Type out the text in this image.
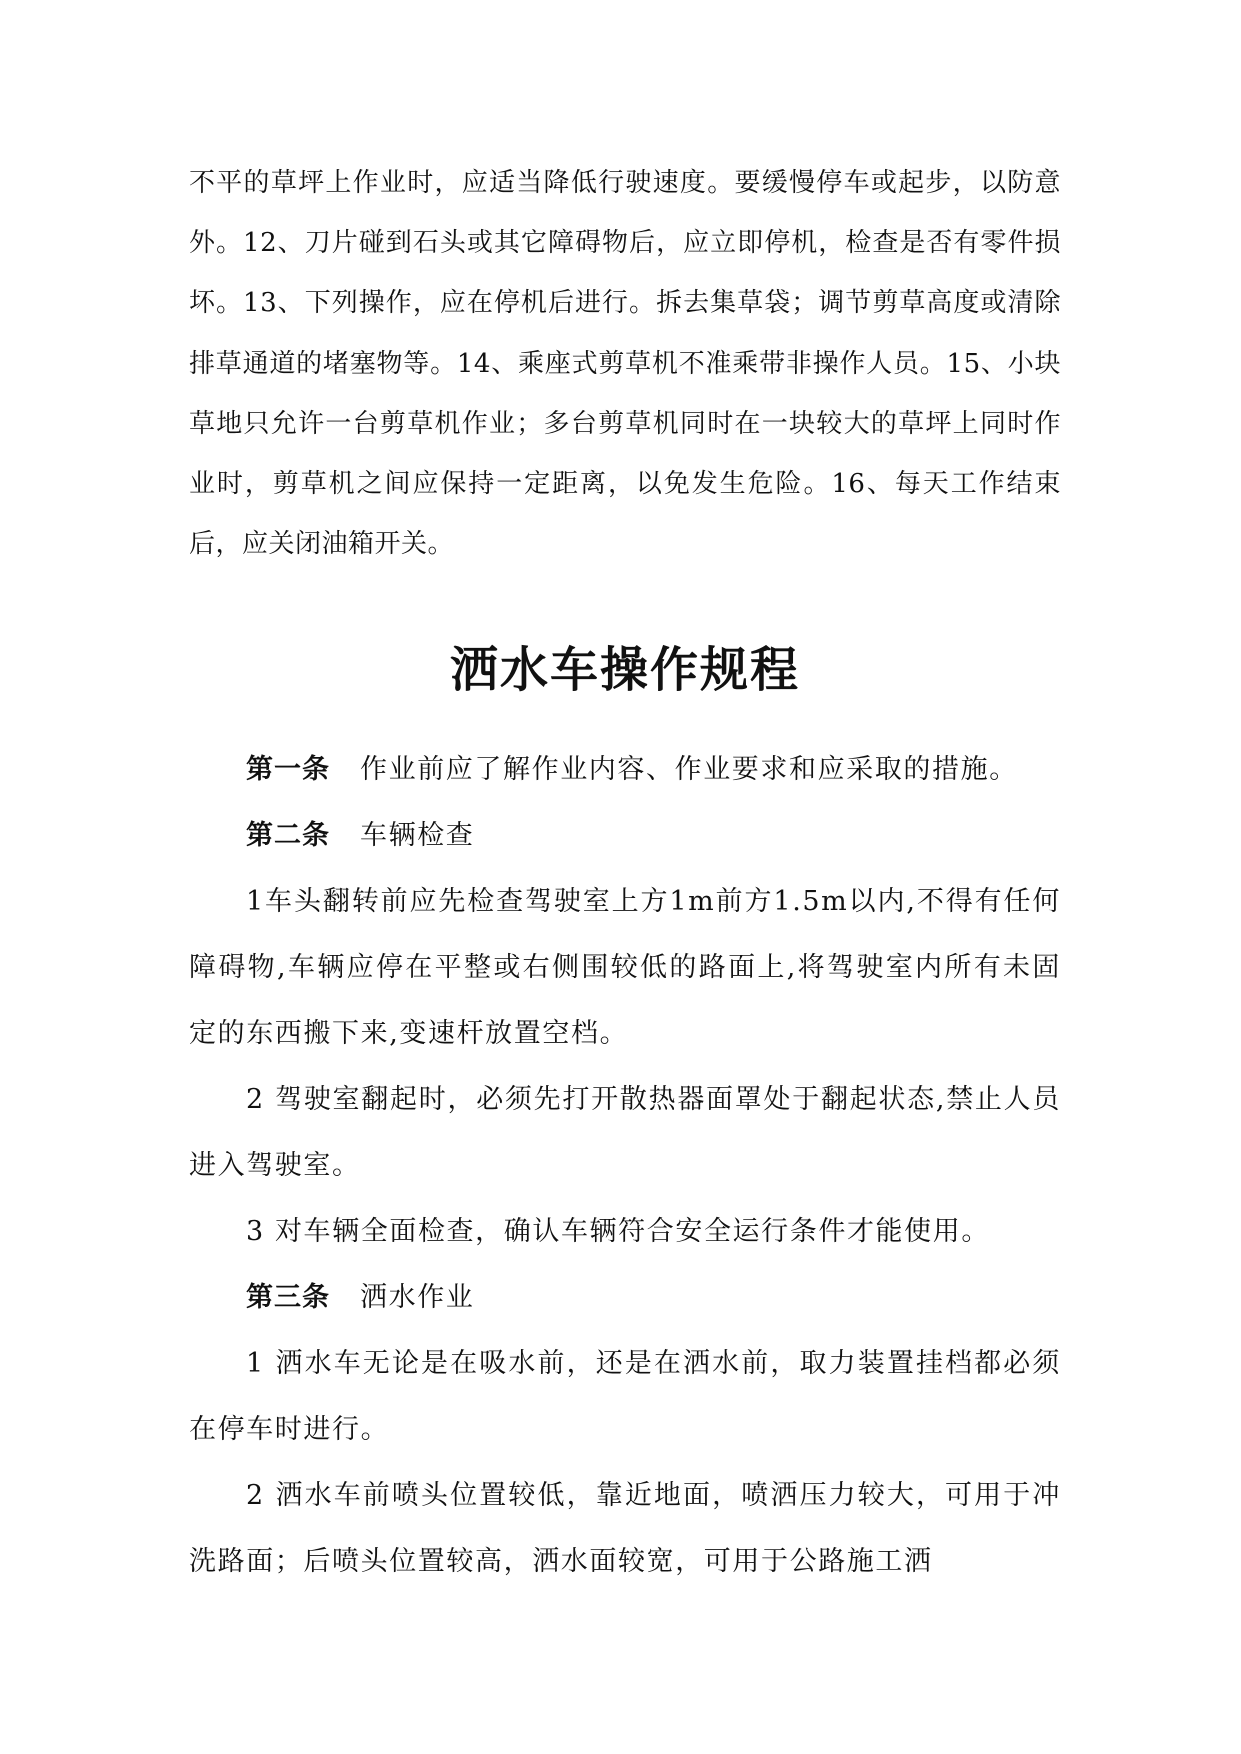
不平的草坪上作业时，应适当降低行驶速度。要缓慢停车或起步，以防意外。12、刀片碰到石头或其它障碍物后，应立即停机，检查是否有零件损坏。13、下列操作，应在停机后进行。拆去集草袋；调节剪草高度或清除排草通道的堵塞物等。14、乘座式剪草机不准乘带非操作人员。15、小块草地只允许一台剪草机作业；多台剪草机同时在一块较大的草坪上同时作业时，剪草机之间应保持一定距离，以免发生危险。16、每天工作结束后，应关闭油箱开关。

洒水车操作规程

第一条 作业前应了解作业内容、作业要求和应采取的措施。

第二条 车辆检查

1车头翻转前应先检查驾驶室上方1m前方1.5m以内,不得有任何障碍物,车辆应停在平整或右侧围较低的路面上,将驾驶室内所有未固定的东西搬下来,变速杆放置空档。

2 驾驶室翻起时，必须先打开散热器面罩处于翻起状态,禁止人员进入驾驶室。

3 对车辆全面检查，确认车辆符合安全运行条件才能使用。

第三条 洒水作业

1 洒水车无论是在吸水前，还是在洒水前，取力装置挂档都必须在停车时进行。

2 洒水车前喷头位置较低，靠近地面，喷洒压力较大，可用于冲洗路面；后喷头位置较高，洒水面较宽，可用于公路施工洒
